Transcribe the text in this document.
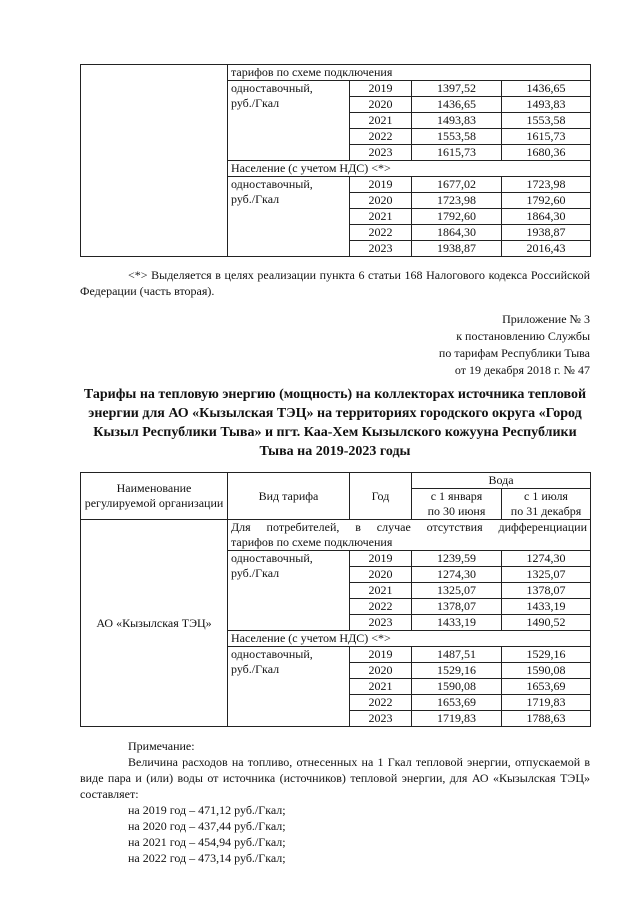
	тарифов по схеме подключения			
	одноставочный,
руб./Гкал	2019	1397,52	1436,65
		2020	1436,65	1493,83
		2021	1493,83	1553,58
		2022	1553,58	1615,73
		2023	1615,73	1680,36
	Население (с учетом НДС) <*>			
	одноставочный,
руб./Гкал	2019	1677,02	1723,98
		2020	1723,98	1792,60
		2021	1792,60	1864,30
		2022	1864,30	1938,87
		2023	1938,87	2016,43
<*> Выделяется в целях реализации пункта 6 статьи 168 Налогового кодекса Российской Федерации (часть вторая).
Приложение № 3
к постановлению Службы
по тарифам Республики Тыва
от 19 декабря 2018 г. № 47
Тарифы на тепловую энергию (мощность) на коллекторах источника тепловой энергии для АО «Кызылская ТЭЦ» на территориях городского округа «Город Кызыл Республики Тыва» и пгт. Каа-Хем Кызылского кожууна Республики Тыва на 2019-2023 годы
Наименование регулируемой организации	Вид тарифа	Год	Вода	
			с 1 января
по 30 июня	с 1 июля
по 31 декабря
АО «Кызылская ТЭЦ»	Для потребителей, в случае отсутствия дифференциации
тарифов по схеме подключения			

	одноставочный,
руб./Гкал	2019	1239,59	1274,30
		2020	1274,30	1325,07
		2021	1325,07	1378,07
		2022	1378,07	1433,19
		2023	1433,19	1490,52
	Население (с учетом НДС) <*>			
	одноставочный,
руб./Гкал	2019	1487,51	1529,16
		2020	1529,16	1590,08
		2021	1590,08	1653,69
		2022	1653,69	1719,83
		2023	1719,83	1788,63
Примечание:
Величина расходов на топливо, отнесенных на 1 Гкал тепловой энергии, отпускаемой в виде пара и (или) воды от источника (источников) тепловой энергии, для АО «Кызылская ТЭЦ» составляет:
на 2019 год – 471,12 руб./Гкал;
на 2020 год – 437,44 руб./Гкал;
на 2021 год – 454,94 руб./Гкал;
на 2022 год – 473,14 руб./Гкал;
